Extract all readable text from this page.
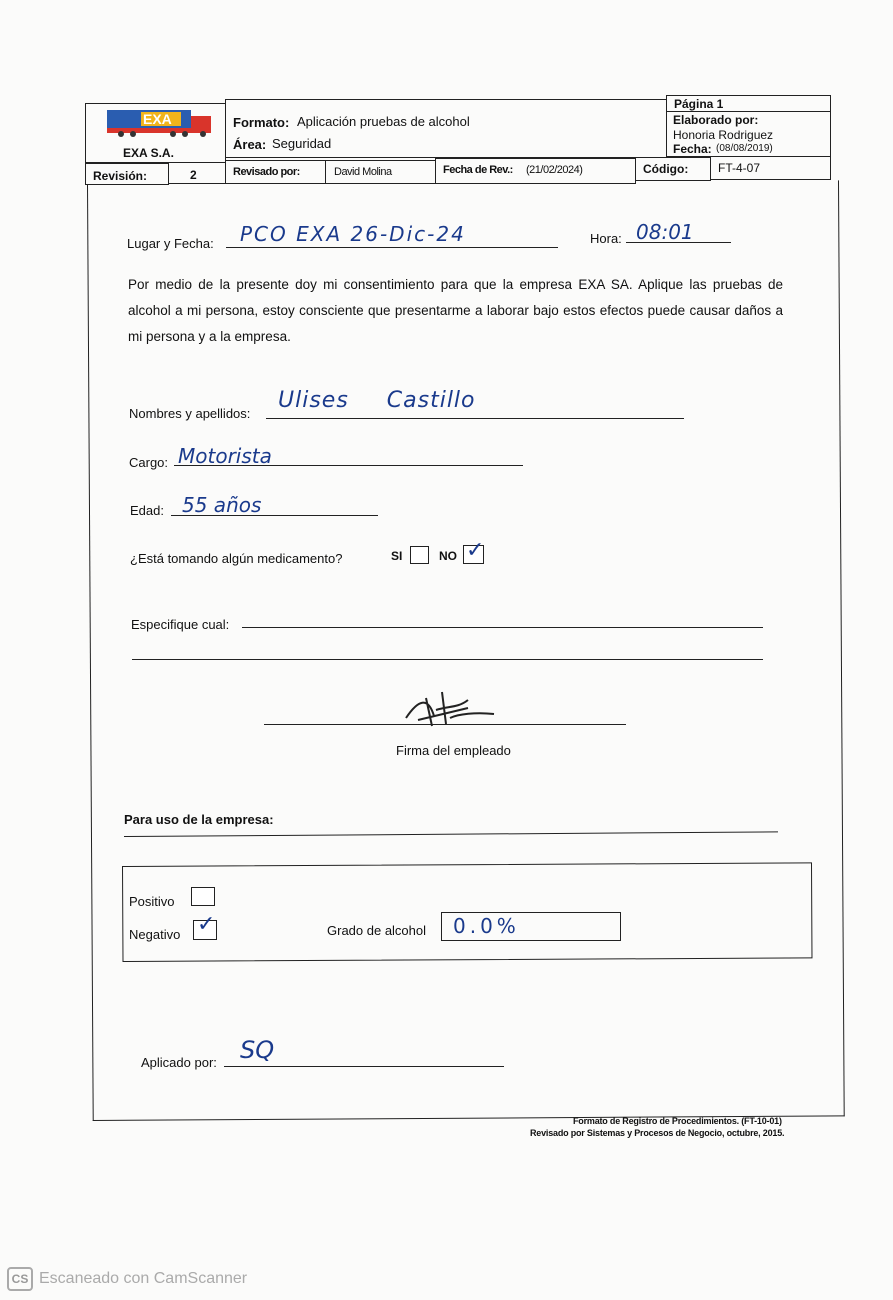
EXA
EXA S.A.
Formato: Aplicación pruebas de alcohol
Área: Seguridad
Página 1
Elaborado por:
Honoria Rodriguez
Fecha: (08/08/2019)
Revisión:	2	Revisado por:	David Molina	Fecha de Rev.: (21/02/2024)	Código: FT-4-07
Lugar y Fecha: PCO EXA 26-Dic-24	Hora: 08:01

Por medio de la presente doy mi consentimiento para que la empresa EXA SA. Aplique las pruebas de alcohol a mi persona, estoy consciente que presentarme a laborar bajo estos efectos puede causar daños a mi persona y a la empresa.

Nombres y apellidos:
Ulises Castillo
Cargo: Motorista
Edad: 55 años
¿Está tomando algún medicamento?	SI	NO ✓
Especifique cual:
Firma del empleado
Para uso de la empresa:
Positivo
Negativo ✓	Grado de alcohol 0.0%
Aplicado por: SQ
Formato de Registro de Procedimientos. (FT-10-01)
Revisado por Sistemas y Procesos de Negocio, octubre, 2015.
CS Escaneado con CamScanner
